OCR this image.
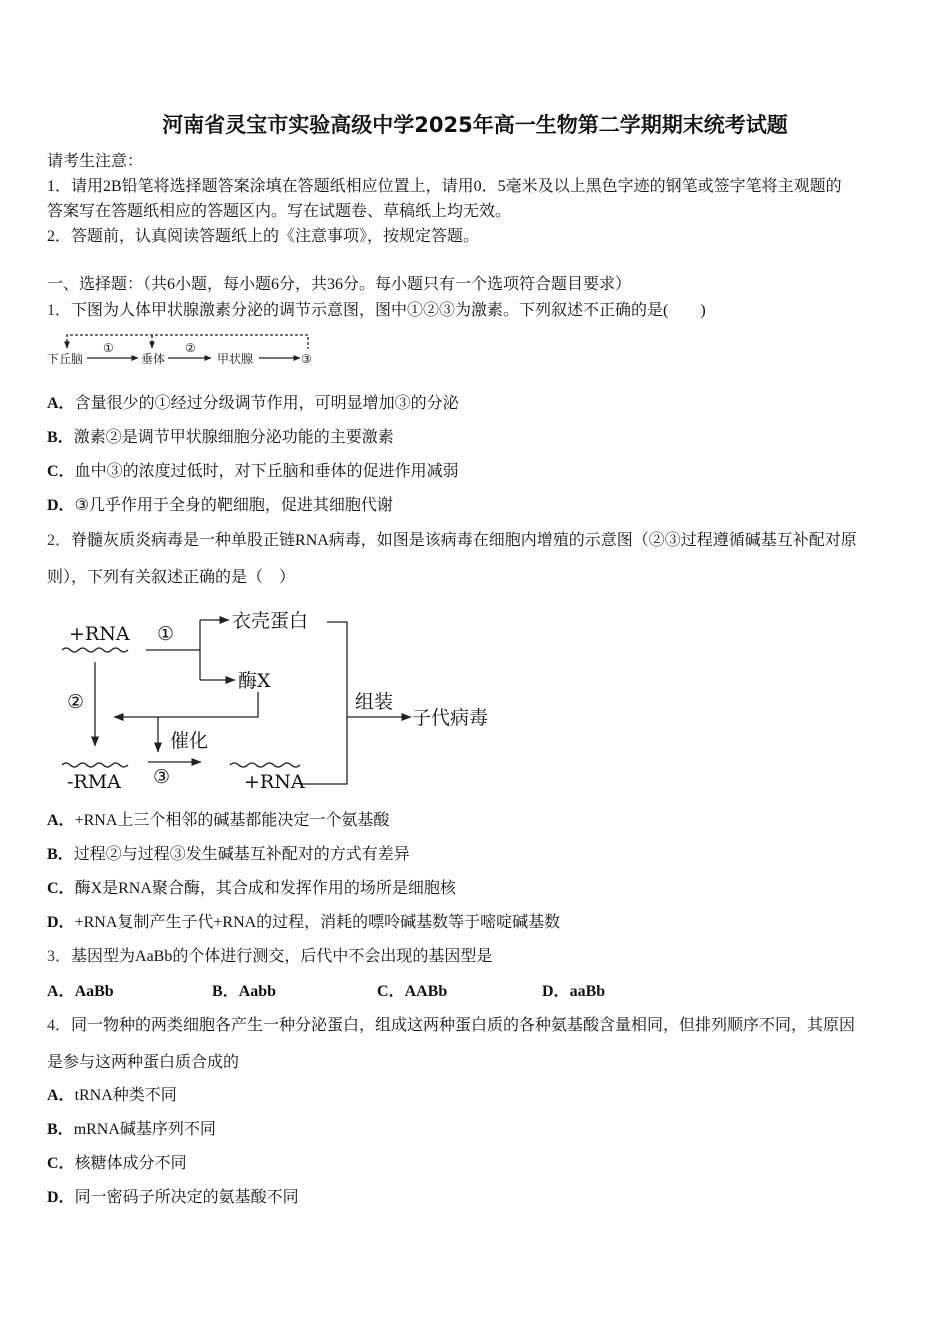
河南省灵宝市实验高级中学2025年高一生物第二学期期末统考试题
请考生注意：
1．请用2B铅笔将选择题答案涂填在答题纸相应位置上，请用0．5毫米及以上黑色字迹的钢笔或签字笔将主观题的
答案写在答题纸相应的答题区内。写在试题卷、草稿纸上均无效。
2．答题前，认真阅读答题纸上的《注意事项》，按规定答题。
一、选择题：（共6小题，每小题6分，共36分。每小题只有一个选项符合题目要求）
1．下图为人体甲状腺激素分泌的调节示意图，图中①②③为激素。下列叙述不正确的是(　　)
下丘脑
①
垂体
②
甲状腺	③
A．含量很少的①经过分级调节作用，可明显增加③的分泌
B．激素②是调节甲状腺细胞分泌功能的主要激素
C．血中③的浓度过低时，对下丘脑和垂体的促进作用减弱
D．③几乎作用于全身的靶细胞，促进其细胞代谢
2．脊髓灰质炎病毒是一种单股正链RNA病毒，如图是该病毒在细胞内增殖的示意图（②③过程遵循碱基互补配对原
则），下列有关叙述正确的是（　）
+RNA ①
衣壳蛋白
酶X
组装
子代病毒
催化
②
-RMA ③	+RNA
A．+RNA上三个相邻的碱基都能决定一个氨基酸
B．过程②与过程③发生碱基互补配对的方式有差异
C．酶X是RNA聚合酶，其合成和发挥作用的场所是细胞核
D．+RNA复制产生子代+RNA的过程，消耗的嘌呤碱基数等于嘧啶碱基数
3．基因型为AaBb的个体进行测交，后代中不会出现的基因型是
A．AaBb	B．Aabb	C．AABb	D．aaBb
4．同一物种的两类细胞各产生一种分泌蛋白，组成这两种蛋白质的各种氨基酸含量相同，但排列顺序不同，其原因
是参与这两种蛋白质合成的
A．tRNA种类不同
B．mRNA碱基序列不同
C．核糖体成分不同
D．同一密码子所决定的氨基酸不同
